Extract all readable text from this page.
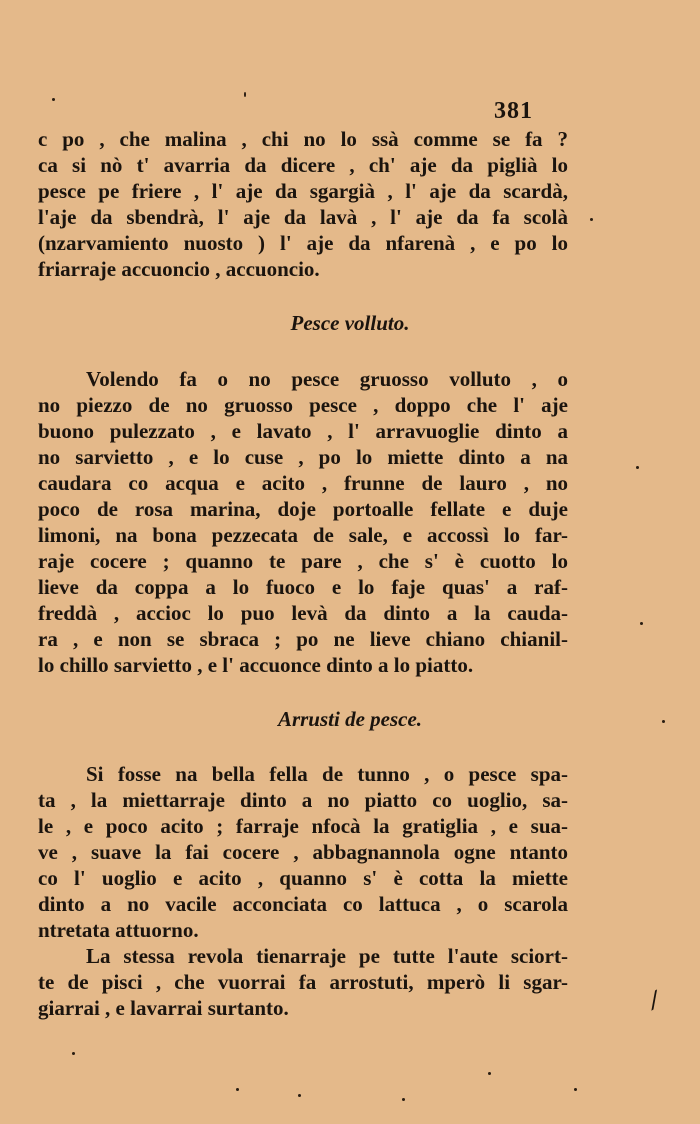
381
c po , che malina , chi no lo ssà comme se fa ?
ca si nò t' avarria da dicere , ch' aje da piglià lo
pesce pe friere , l' aje da sgargià , l' aje da scardà,
l'aje da sbendrà, l' aje da lavà , l' aje da fa scolà
(nzarvamiento nuosto ) l' aje da nfarenà , e po lo
friarraje accuoncio , accuoncio.
Pesce volluto.
Volendo fa o no pesce gruosso volluto , o
no piezzo de no gruosso pesce , doppo che l' aje
buono pulezzato , e lavato , l' arravuoglie dinto a
no sarvietto , e lo cuse , po lo miette dinto a na
caudara co acqua e acito , frunne de lauro , no
poco de rosa marina, doje portoalle fellate e duje
limoni, na bona pezzecata de sale, e accossì lo far-
raje cocere ; quanno te pare , che s' è cuotto lo
lieve da coppa a lo fuoco e lo faje quas' a raf-
freddà , accioc lo puo levà da dinto a la cauda-
ra , e non se sbraca ; po ne lieve chiano chianil-
lo chillo sarvietto , e l' accuonce dinto a lo piatto.
Arrusti de pesce.
Si fosse na bella fella de tunno , o pesce spa-
ta , la miettarraje dinto a no piatto co uoglio, sa-
le , e poco acito ; farraje nfocà la gratiglia , e sua-
ve , suave la fai cocere , abbagnannola ogne ntanto
co l' uoglio e acito , quanno s' è cotta la miette
dinto a no vacile acconciata co lattuca , o scarola
ntretata attuorno.
La stessa revola tienarraje pe tutte l'aute sciort-
te de pisci , che vuorrai fa arrostuti, mperò li sgar-
giarrai , e lavarrai surtanto.	⟋
